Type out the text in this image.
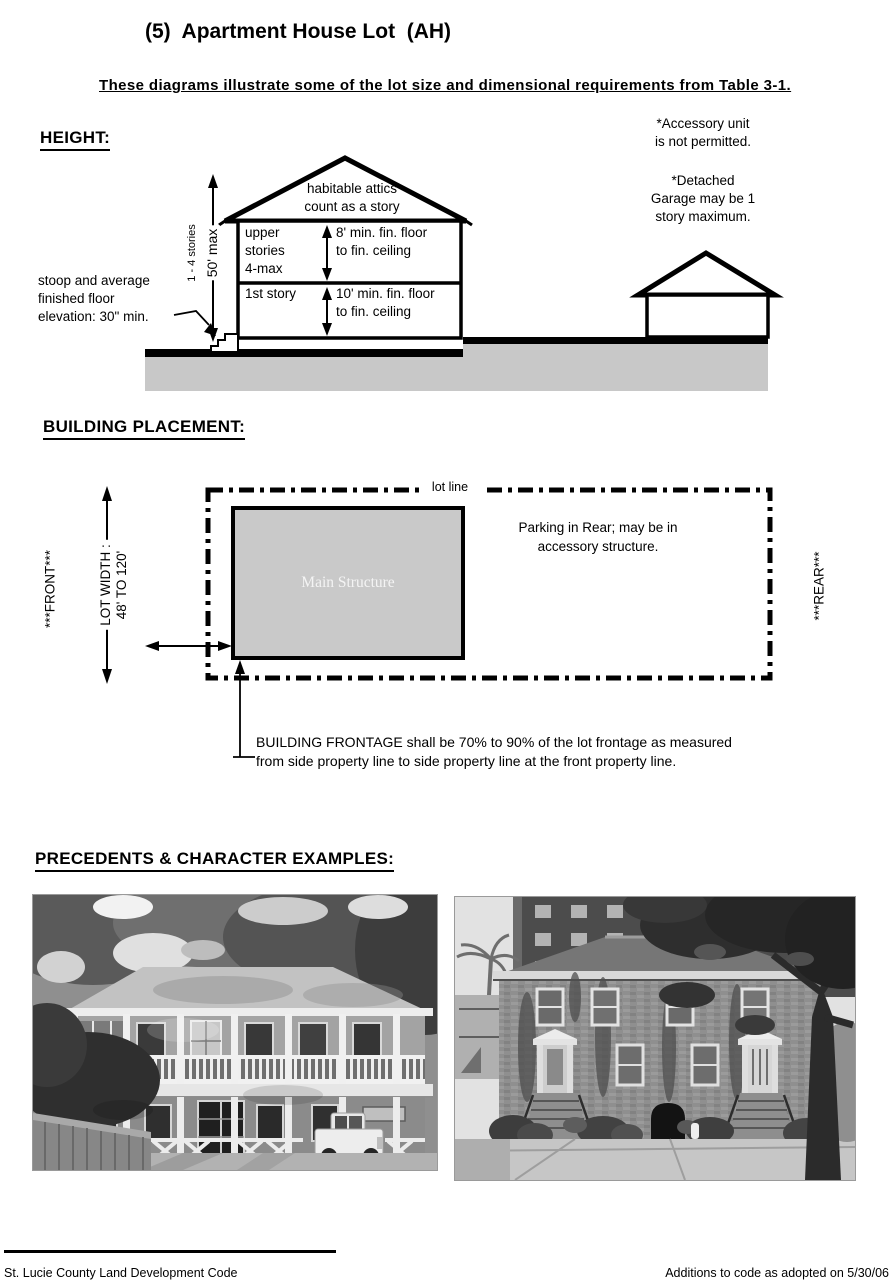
(5)  Apartment House Lot  (AH)
These diagrams illustrate some of the lot size and dimensional requirements from Table 3-1.
HEIGHT:
habitable attics
count as a story
upper
stories
4-max
8' min. fin. floor
to fin. ceiling
1st story	10' min. fin. floor
to fin. ceiling
stoop and average
finished floor
elevation: 30" min.
*Accessory unit
is not permitted.
*Detached
Garage may be 1
story maximum.
1 - 4 stories 50' max
BUILDING PLACEMENT:
lot line
Main Structure
Parking in Rear; may be in
accessory structure.
***FRONT***	***REAR***
LOT WIDTH : 48' TO 120'
BUILDING FRONTAGE shall be 70% to 90% of the lot frontage as measured
from side property line to side property line at the front property line.
PRECEDENTS & CHARACTER EXAMPLES:
St. Lucie County Land Development Code	Additions to code as adopted on 5/30/06
